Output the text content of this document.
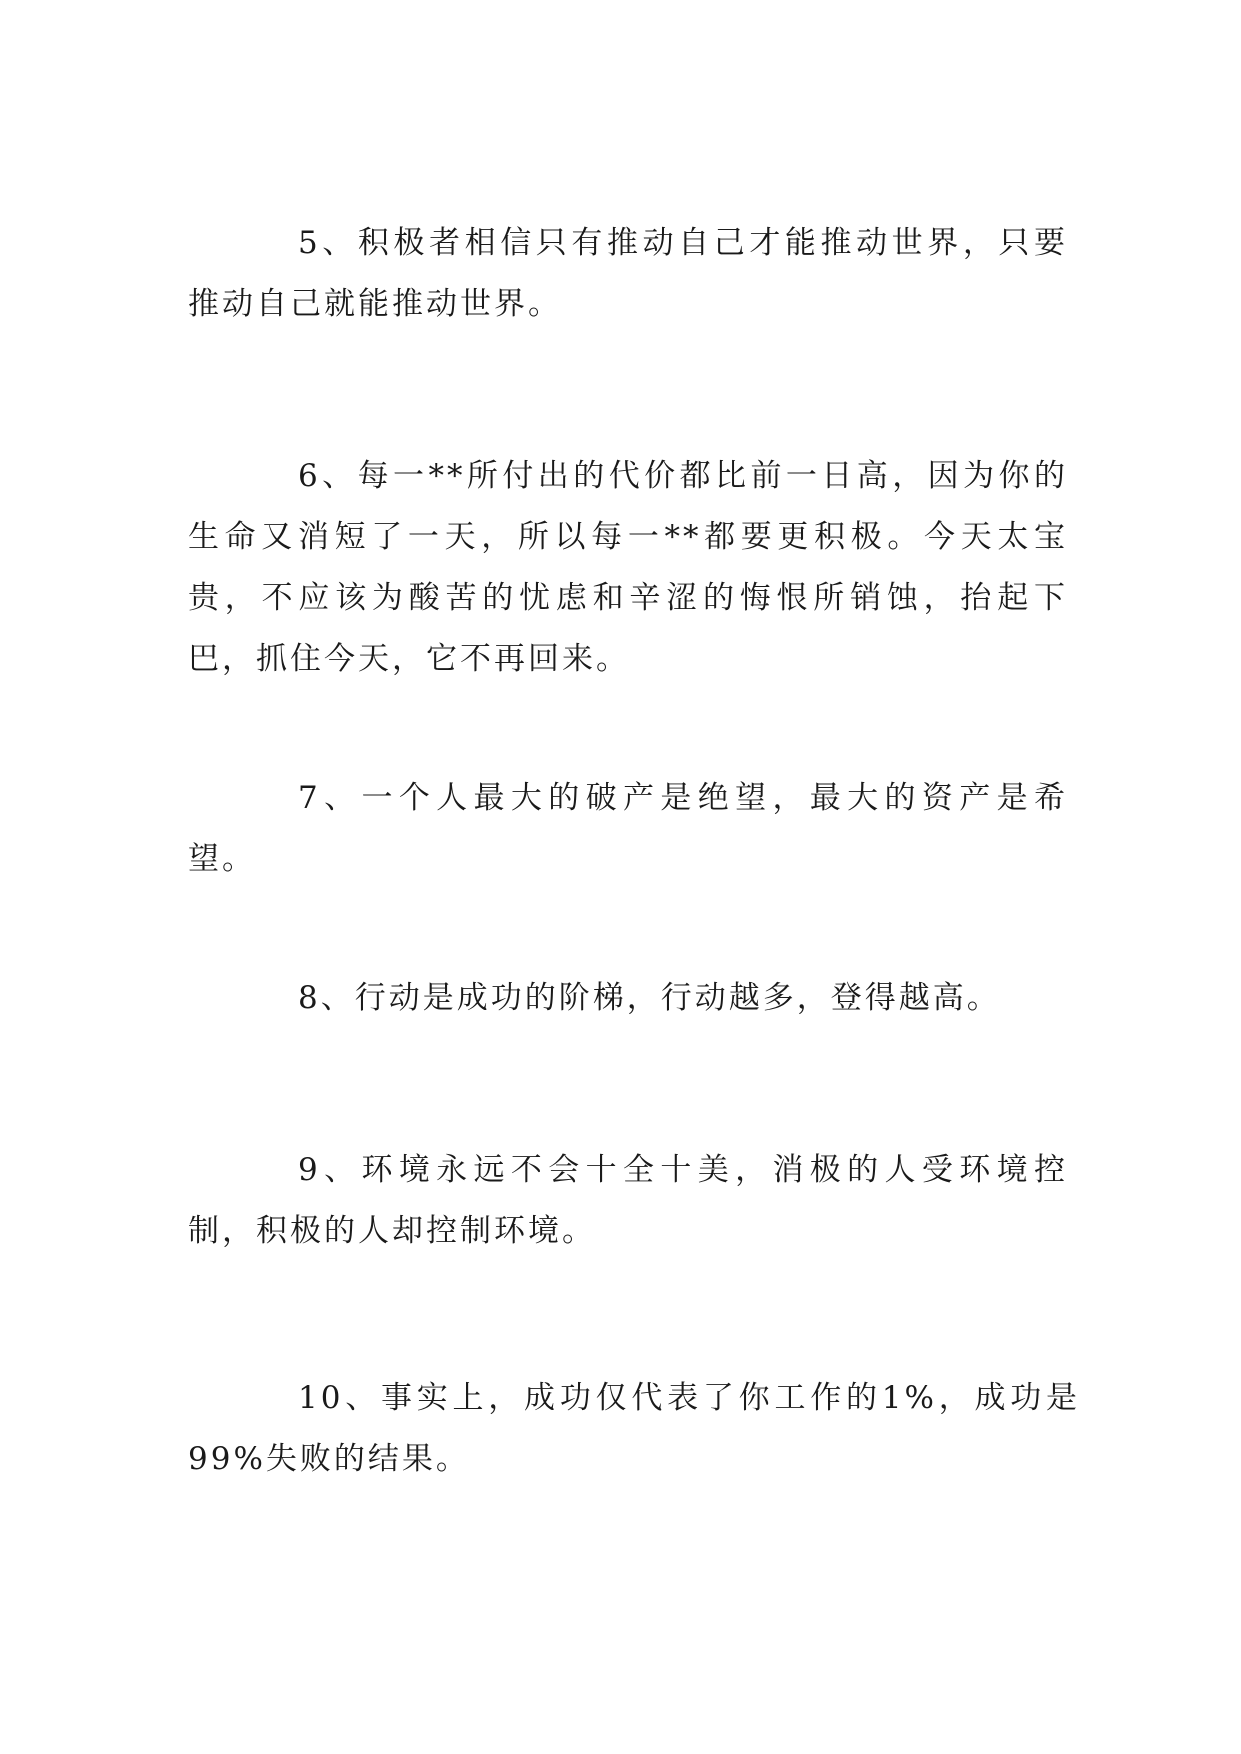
5、积极者相信只有推动自己才能推动世界，只要推动自己就能推动世界。

6、每一**所付出的代价都比前一日高，因为你的生命又消短了一天，所以每一**都要更积极。今天太宝贵，不应该为酸苦的忧虑和辛涩的悔恨所销蚀，抬起下巴，抓住今天，它不再回来。

7、一个人最大的破产是绝望，最大的资产是希望。

8、行动是成功的阶梯，行动越多，登得越高。

9、环境永远不会十全十美，消极的人受环境控制，积极的人却控制环境。

10、事实上，成功仅代表了你工作的1%，成功是99%失败的结果。
